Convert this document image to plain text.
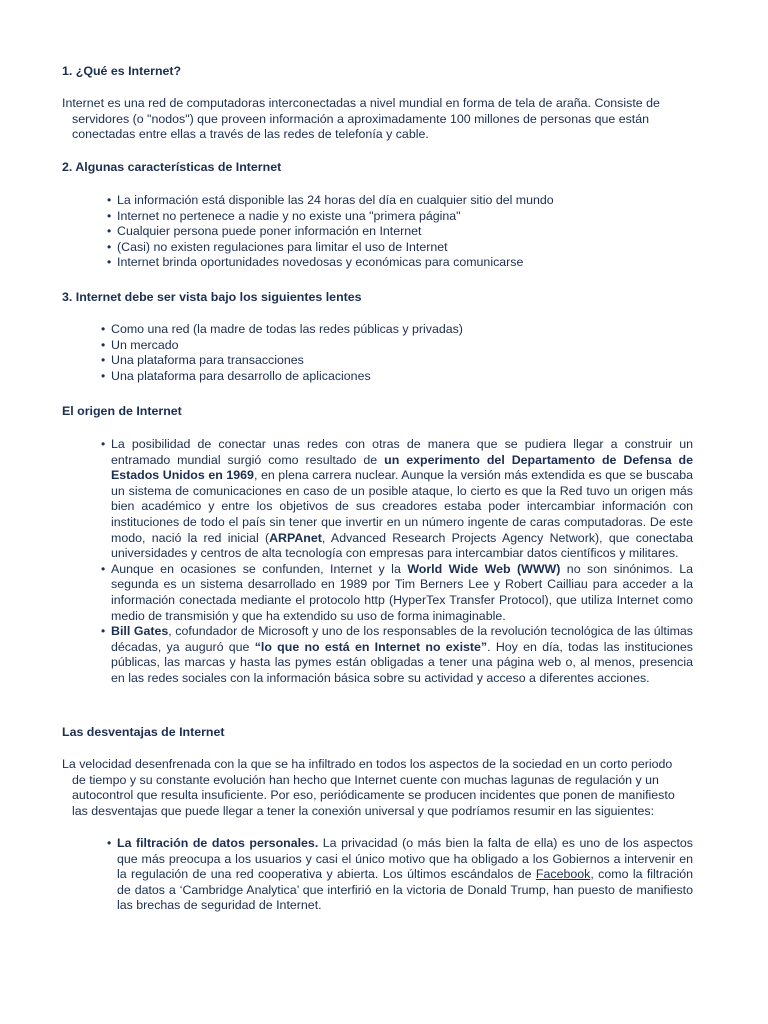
1. ¿Qué es Internet?

Internet es una red de computadoras interconectadas a nivel mundial en forma de tela de araña. Consiste de
servidores (o "nodos") que proveen información a aproximadamente 100 millones de personas que están
conectadas entre ellas a través de las redes de telefonía y cable.

2. Algunas características de Internet
• La información está disponible las 24 horas del día en cualquier sitio del mundo
• Internet no pertenece a nadie y no existe una "primera página"
• Cualquier persona puede poner información en Internet
• (Casi) no existen regulaciones para limitar el uso de Internet
• Internet brinda oportunidades novedosas y económicas para comunicarse
3. Internet debe ser vista bajo los siguientes lentes
• Como una red (la madre de todas las redes públicas y privadas)
• Un mercado
• Una plataforma para transacciones
• Una plataforma para desarrollo de aplicaciones
El origen de Internet
• La posibilidad de conectar unas redes con otras de manera que se pudiera llegar a construir un entramado mundial surgió como resultado de un experimento del Departamento de Defensa de Estados Unidos en 1969, en plena carrera nuclear. Aunque la versión más extendida es que se buscaba un sistema de comunicaciones en caso de un posible ataque, lo cierto es que la Red tuvo un origen más bien académico y entre los objetivos de sus creadores estaba poder intercambiar información con instituciones de todo el país sin tener que invertir en un número ingente de caras computadoras. De este modo, nació la red inicial (ARPAnet, Advanced Research Projects Agency Network), que conectaba universidades y centros de alta tecnología con empresas para intercambiar datos científicos y militares.
• Aunque en ocasiones se confunden, Internet y la World Wide Web (WWW) no son sinónimos. La segunda es un sistema desarrollado en 1989 por Tim Berners Lee y Robert Cailliau para acceder a la información conectada mediante el protocolo http (HyperTex Transfer Protocol), que utiliza Internet como medio de transmisión y que ha extendido su uso de forma inimaginable.
• Bill Gates, cofundador de Microsoft y uno de los responsables de la revolución tecnológica de las últimas décadas, ya auguró que “lo que no está en Internet no existe”. Hoy en día, todas las instituciones públicas, las marcas y hasta las pymes están obligadas a tener una página web o, al menos, presencia en las redes sociales con la información básica sobre su actividad y acceso a diferentes acciones.
Las desventajas de Internet

La velocidad desenfrenada con la que se ha infiltrado en todos los aspectos de la sociedad en un corto periodo
de tiempo y su constante evolución han hecho que Internet cuente con muchas lagunas de regulación y un
autocontrol que resulta insuficiente. Por eso, periódicamente se producen incidentes que ponen de manifiesto
las desventajas que puede llegar a tener la conexión universal y que podríamos resumir en las siguientes:

• La filtración de datos personales. La privacidad (o más bien la falta de ella) es uno de los aspectos que más preocupa a los usuarios y casi el único motivo que ha obligado a los Gobiernos a intervenir en la regulación de una red cooperativa y abierta. Los últimos escándalos de Facebook, como la filtración de datos a ‘Cambridge Analytica’ que interfirió en la victoria de Donald Trump, han puesto de manifiesto las brechas de seguridad de Internet.
